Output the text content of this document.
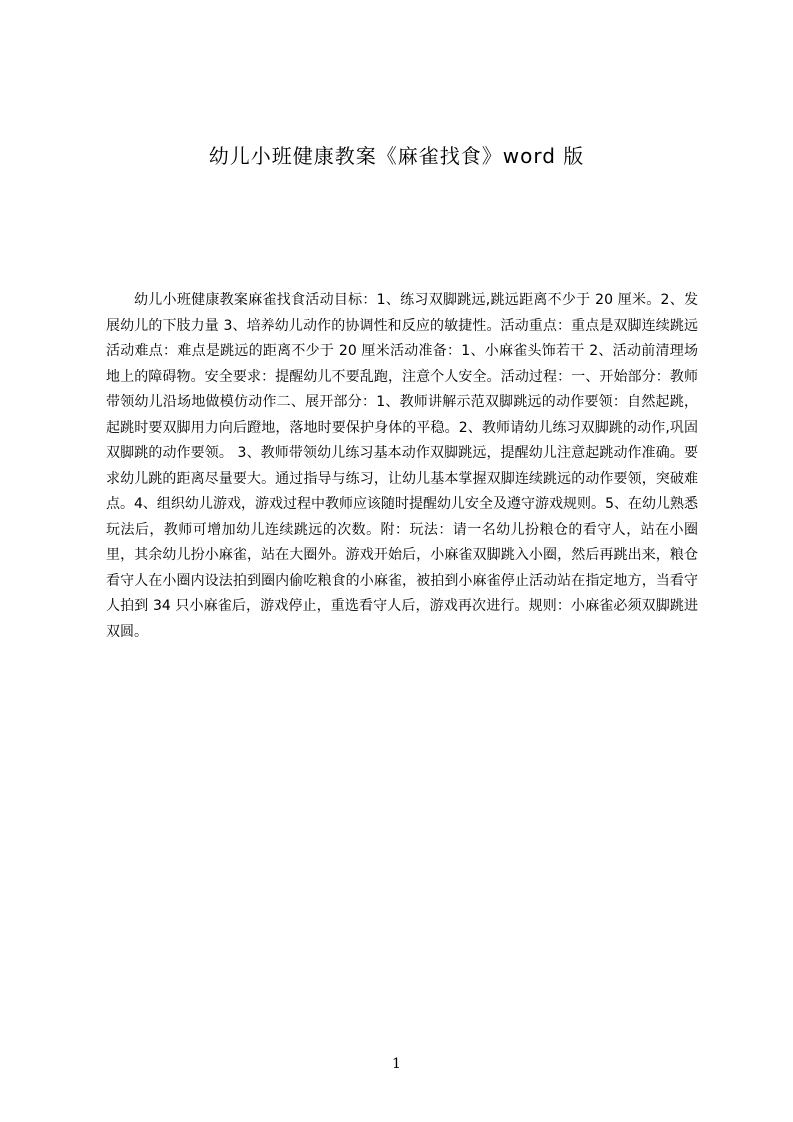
幼儿小班健康教案《麻雀找食》word 版

幼儿小班健康教案麻雀找食活动目标：1、练习双脚跳远,跳远距离不少于 20 厘米。2、发展幼儿的下肢力量 3、培养幼儿动作的协调性和反应的敏捷性。活动重点：重点是双脚连续跳远活动难点：难点是跳远的距离不少于 20 厘米活动准备：1、小麻雀头饰若干 2、活动前清理场地上的障碍物。安全要求：提醒幼儿不要乱跑，注意个人安全。活动过程：一、开始部分：教师带领幼儿沿场地做模仿动作二、展开部分：1、教师讲解示范双脚跳远的动作要领：自然起跳，起跳时要双脚用力向后蹬地，落地时要保护身体的平稳。2、教师请幼儿练习双脚跳的动作,巩固双脚跳的动作要领。 3、教师带领幼儿练习基本动作双脚跳远，提醒幼儿注意起跳动作准确。要求幼儿跳的距离尽量要大。通过指导与练习，让幼儿基本掌握双脚连续跳远的动作要领，突破难点。4、组织幼儿游戏，游戏过程中教师应该随时提醒幼儿安全及遵守游戏规则。5、在幼儿熟悉玩法后，教师可增加幼儿连续跳远的次数。附：玩法：请一名幼儿扮粮仓的看守人，站在小圈里，其余幼儿扮小麻雀，站在大圈外。游戏开始后，小麻雀双脚跳入小圈，然后再跳出来，粮仓看守人在小圈内设法拍到圈内偷吃粮食的小麻雀，被拍到小麻雀停止活动站在指定地方，当看守人拍到 34 只小麻雀后，游戏停止，重选看守人后，游戏再次进行。规则：小麻雀必须双脚跳进双圆。

1
